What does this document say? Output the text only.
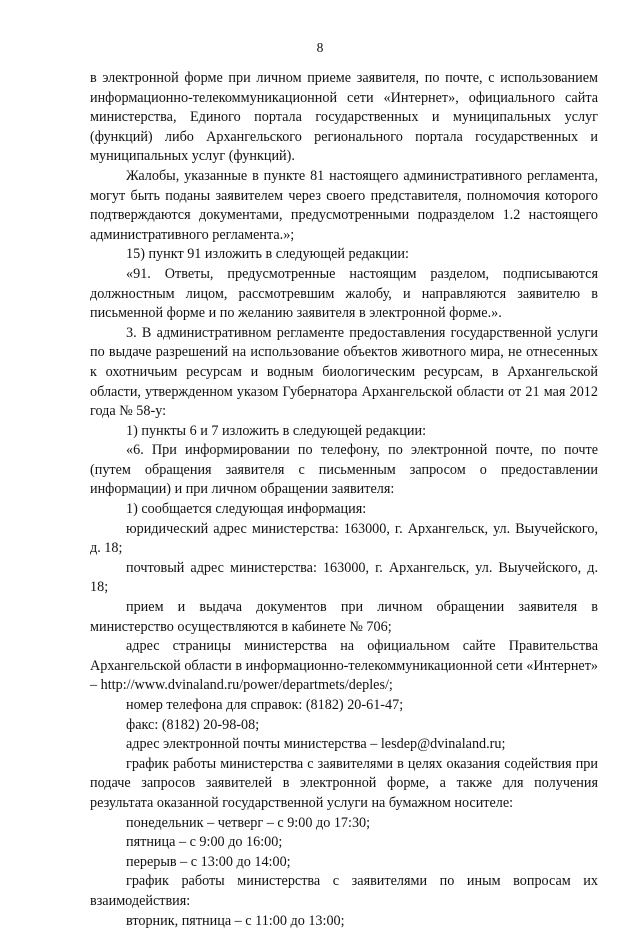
8

в электронной форме при личном приеме заявителя, по почте, с использованием информационно-телекоммуникационной сети «Интернет», официального сайта министерства, Единого портала государственных и муниципальных услуг (функций) либо Архангельского регионального портала государственных и муниципальных услуг (функций).

Жалобы, указанные в пункте 81 настоящего административного регламента, могут быть поданы заявителем через своего представителя, полномочия которого подтверждаются документами, предусмотренными подразделом 1.2 настоящего административного регламента.»;

15) пункт 91 изложить в следующей редакции:

«91. Ответы, предусмотренные настоящим разделом, подписываются должностным лицом, рассмотревшим жалобу, и направляются заявителю в письменной форме и по желанию заявителя в электронной форме.».

3. В административном регламенте предоставления государственной услуги по выдаче разрешений на использование объектов животного мира, не отнесенных к охотничьим ресурсам и водным биологическим ресурсам, в Архангельской области, утвержденном указом Губернатора Архангельской области от 21 мая 2012 года № 58-у:

1) пункты 6 и 7 изложить в следующей редакции:

«6. При информировании по телефону, по электронной почте, по почте (путем обращения заявителя с письменным запросом о предоставлении информации) и при личном обращении заявителя:

1) сообщается следующая информация:

юридический адрес министерства: 163000, г. Архангельск, ул. Выучейского, д. 18;

почтовый адрес министерства: 163000, г. Архангельск, ул. Выучейского, д. 18;

прием и выдача документов при личном обращении заявителя в министерство осуществляются в кабинете № 706;

адрес страницы министерства на официальном сайте Правительства Архангельской области в информационно-телекоммуникационной сети «Интернет» – http://www.dvinaland.ru/power/departmets/deples/;

номер телефона для справок: (8182) 20-61-47;

факс: (8182) 20-98-08;

адрес электронной почты министерства – lesdep@dvinaland.ru;

график работы министерства с заявителями в целях оказания содействия при подаче запросов заявителей в электронной форме, а также для получения результата оказанной государственной услуги на бумажном носителе:

понедельник – четверг – с 9:00 до 17:30;

пятница – с 9:00 до 16:00;

перерыв – с 13:00 до 14:00;

график работы министерства с заявителями по иным вопросам их взаимодействия:

вторник, пятница – с 11:00 до 13:00;
